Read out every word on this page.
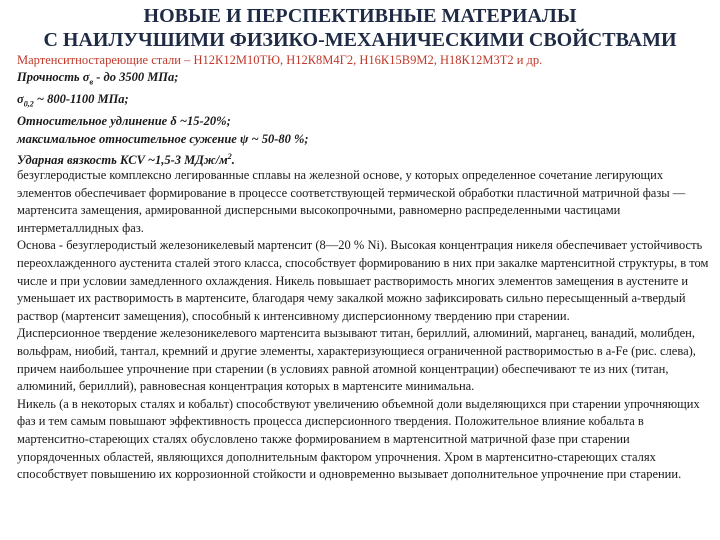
НОВЫЕ И ПЕРСПЕКТИВНЫЕ МАТЕРИАЛЫ
С НАИЛУЧШИМИ ФИЗИКО-МЕХАНИЧЕСКИМИ СВОЙСТВАМИ
Мартенситностареющие стали – Н12К12М10ТЮ, Н12К8М4Г2, Н16К15В9М2, Н18К12М3Т2 и др.
Прочность $\sigma_в$ - до 3500 МПа;
$\sigma_{0,2}$ ~ 800-1100 МПа;
Относительное удлинение δ ~15-20%;
максимальное относительное сужение ψ ~ 50-80 %;
Ударная вязкость KCV ~1,5-3 МДж/$м^2$.

безуглеродистые комплексно легированные сплавы на железной основе, у которых определенное сочетание легирующих элементов обеспечивает формирование в процессе соответствующей термической обработки пластичной матричной фазы — мартенсита замещения, армированной дисперсными высокопрочными, равномерно распределенными частицами интерметаллидных фаз.

Основа - безуглеродистый железоникелевый мартенсит (8—20 % Ni). Высокая концентрация никеля обеспечивает устойчивость переохлажденного аустенита сталей этого класса, способствует формированию в них при закалке мартенситной структуры, в том числе и при условии замедленного охлаждения. Никель повышает растворимость многих элементов замещения в аустените и уменьшает их растворимость в мартенсите, благодаря чему закалкой можно зафиксировать сильно пересыщенный а-твердый раствор (мартенсит замещения), способный к интенсивному дисперсионному твердению при старении.

Дисперсионное твердение железоникелевого мартенсита вызывают титан, бериллий, алюминий, марганец, ванадий, молибден, вольфрам, ниобий, тантал, кремний и другие элементы, характеризующиеся ограниченной растворимостью в а-Fe (рис. слева), причем наибольшее упрочнение при старении (в условиях равной атомной концентрации) обеспечивают те из них (титан, алюминий, бериллий), равновесная концентрация которых в мартенсите минимальна.

Никель (а в некоторых сталях и кобальт) способствуют увеличению объемной доли выделяющихся при старении упрочняющих фаз и тем самым повышают эффективность процесса дисперсионного твердения. Положительное влияние кобальта в мартенситно-стареющих сталях обусловлено также формированием в мартенситной матричной фазе при старении упорядоченных областей, являющихся дополнительным фактором упрочнения. Хром в мартенситно-стареющих сталях способствует повышению их коррозионной стойкости и одновременно вызывает дополнительное упрочнение при старении.
